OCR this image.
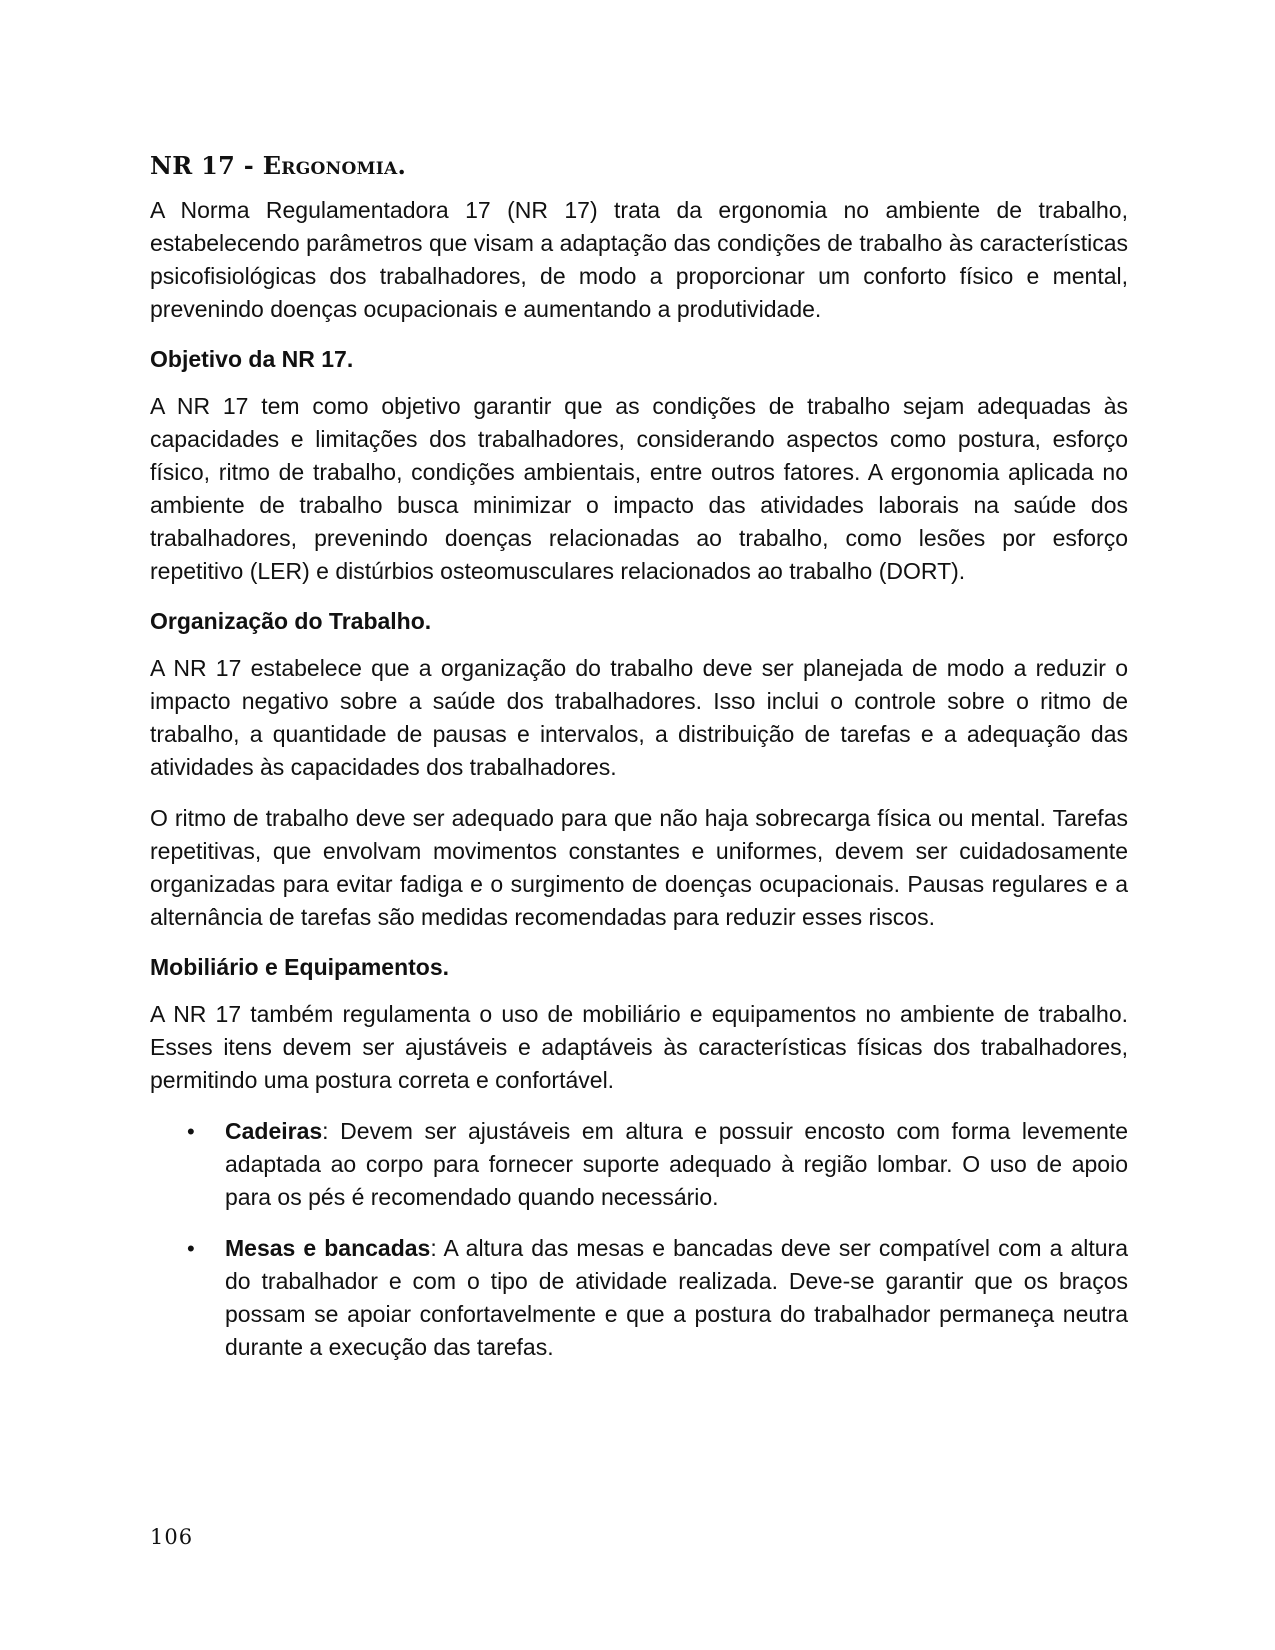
NR 17 - Ergonomia.

A Norma Regulamentadora 17 (NR 17) trata da ergonomia no ambiente de trabalho, estabelecendo parâmetros que visam a adaptação das condições de trabalho às características psicofisiológicas dos trabalhadores, de modo a proporcionar um conforto físico e mental, prevenindo doenças ocupacionais e aumentando a produtividade.

Objetivo da NR 17.

A NR 17 tem como objetivo garantir que as condições de trabalho sejam adequadas às capacidades e limitações dos trabalhadores, considerando aspectos como postura, esforço físico, ritmo de trabalho, condições ambientais, entre outros fatores. A ergonomia aplicada no ambiente de trabalho busca minimizar o impacto das atividades laborais na saúde dos trabalhadores, prevenindo doenças relacionadas ao trabalho, como lesões por esforço repetitivo (LER) e distúrbios osteomusculares relacionados ao trabalho (DORT).

Organização do Trabalho.

A NR 17 estabelece que a organização do trabalho deve ser planejada de modo a reduzir o impacto negativo sobre a saúde dos trabalhadores. Isso inclui o controle sobre o ritmo de trabalho, a quantidade de pausas e intervalos, a distribuição de tarefas e a adequação das atividades às capacidades dos trabalhadores.

O ritmo de trabalho deve ser adequado para que não haja sobrecarga física ou mental. Tarefas repetitivas, que envolvam movimentos constantes e uniformes, devem ser cuidadosamente organizadas para evitar fadiga e o surgimento de doenças ocupacionais. Pausas regulares e a alternância de tarefas são medidas recomendadas para reduzir esses riscos.

Mobiliário e Equipamentos.

A NR 17 também regulamenta o uso de mobiliário e equipamentos no ambiente de trabalho. Esses itens devem ser ajustáveis e adaptáveis às características físicas dos trabalhadores, permitindo uma postura correta e confortável.

• Cadeiras: Devem ser ajustáveis em altura e possuir encosto com forma levemente adaptada ao corpo para fornecer suporte adequado à região lombar. O uso de apoio para os pés é recomendado quando necessário.
• Mesas e bancadas: A altura das mesas e bancadas deve ser compatível com a altura do trabalhador e com o tipo de atividade realizada. Deve-se garantir que os braços possam se apoiar confortavelmente e que a postura do trabalhador permaneça neutra durante a execução das tarefas.
106
